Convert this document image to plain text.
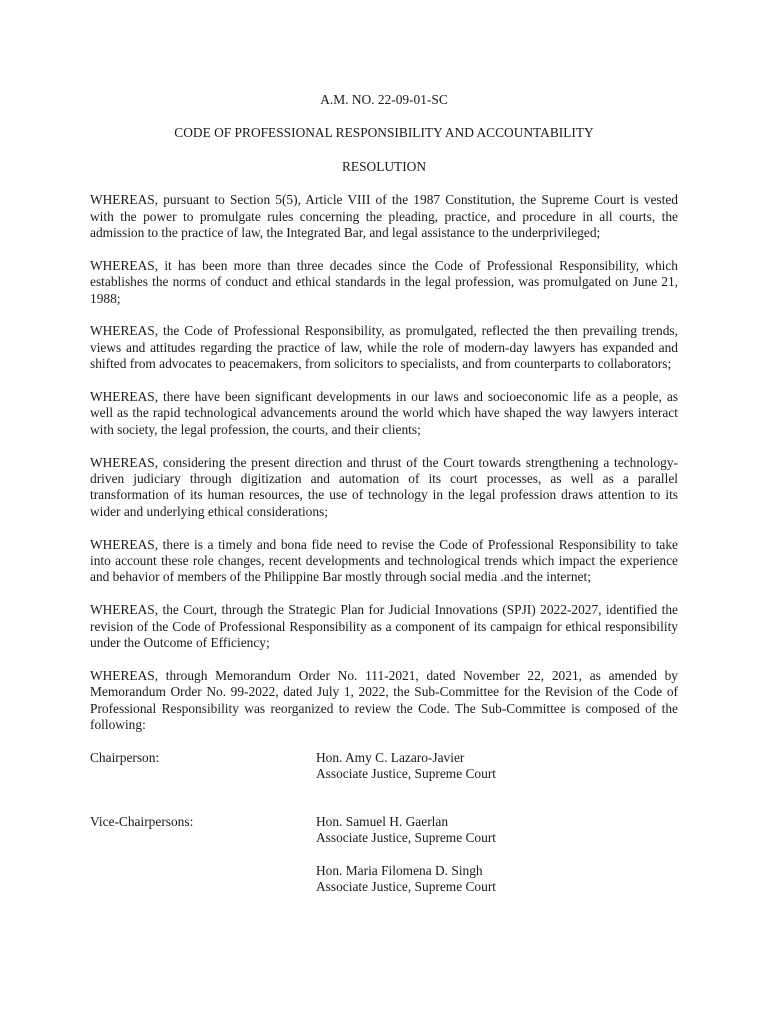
A.M. NO. 22-09-01-SC

CODE OF PROFESSIONAL RESPONSIBILITY AND ACCOUNTABILITY

RESOLUTION

WHEREAS, pursuant to Section 5(5), Article VIII of the 1987 Constitution, the Supreme Court is vested with the power to promulgate rules concerning the pleading, practice, and procedure in all courts, the admission to the practice of law, the Integrated Bar, and legal assistance to the underprivileged;

WHEREAS, it has been more than three decades since the Code of Professional Responsibility, which establishes the norms of conduct and ethical standards in the legal profession, was promulgated on June 21, 1988;

WHEREAS, the Code of Professional Responsibility, as promulgated, reflected the then prevailing trends, views and attitudes regarding the practice of law, while the role of modern-day lawyers has expanded and shifted from advocates to peacemakers, from solicitors to specialists, and from counterparts to collaborators;

WHEREAS, there have been significant developments in our laws and socioeconomic life as a people, as well as the rapid technological advancements around the world which have shaped the way lawyers interact with society, the legal profession, the courts, and their clients;

WHEREAS, considering the present direction and thrust of the Court towards strengthening a technology-driven judiciary through digitization and automation of its court processes, as well as a parallel transformation of its human resources, the use of technology in the legal profession draws attention to its wider and underlying ethical considerations;

WHEREAS, there is a timely and bona fide need to revise the Code of Professional Responsibility to take into account these role changes, recent developments and technological trends which impact the experience and behavior of members of the Philippine Bar mostly through social media .and the internet;

WHEREAS, the Court, through the Strategic Plan for Judicial Innovations (SPJI) 2022-2027, identified the revision of the Code of Professional Responsibility as a component of its campaign for ethical responsibility under the Outcome of Efficiency;

WHEREAS, through Memorandum Order No. 111-2021, dated November 22, 2021, as amended by Memorandum Order No. 99-2022, dated July 1, 2022, the Sub-Committee for the Revision of the Code of Professional Responsibility was reorganized to review the Code. The Sub-Committee is composed of the following:

Chairperson:	Hon. Amy C. Lazaro-Javier
Associate Justice, Supreme Court
Vice-Chairpersons:	Hon. Samuel H. Gaerlan
Associate Justice, Supreme Court
Hon. Maria Filomena D. Singh
Associate Justice, Supreme Court
